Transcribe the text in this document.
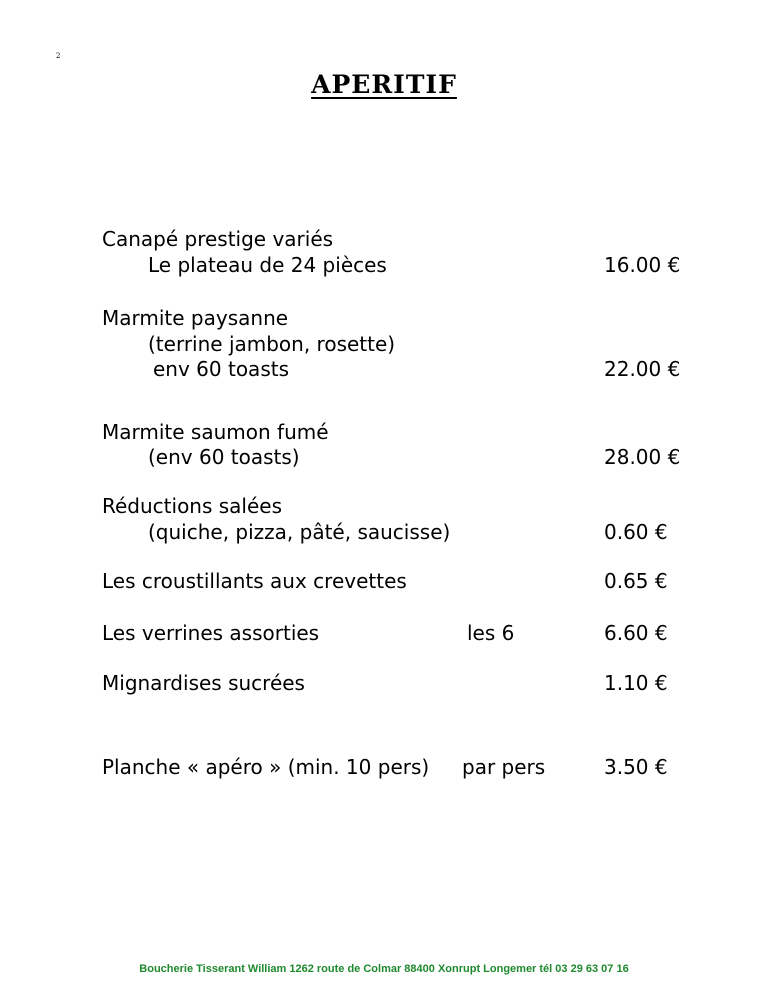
2
APERITIF
Canapé prestige variés
Le plateau de 24 pièces	16.00 €
Marmite paysanne
(terrine jambon, rosette)
env 60 toasts	22.00 €
Marmite saumon fumé
(env 60 toasts)	28.00 €
Réductions salées
(quiche, pizza, pâté, saucisse)	0.60 €
Les croustillants aux crevettes	0.65 €
Les verrines assorties	les 6	6.60 €
Mignardises sucrées	1.10 €
Planche « apéro » (min. 10 pers) par pers	3.50 €
Boucherie Tisserant William 1262 route de Colmar 88400 Xonrupt Longemer tél 03 29 63 07 16
